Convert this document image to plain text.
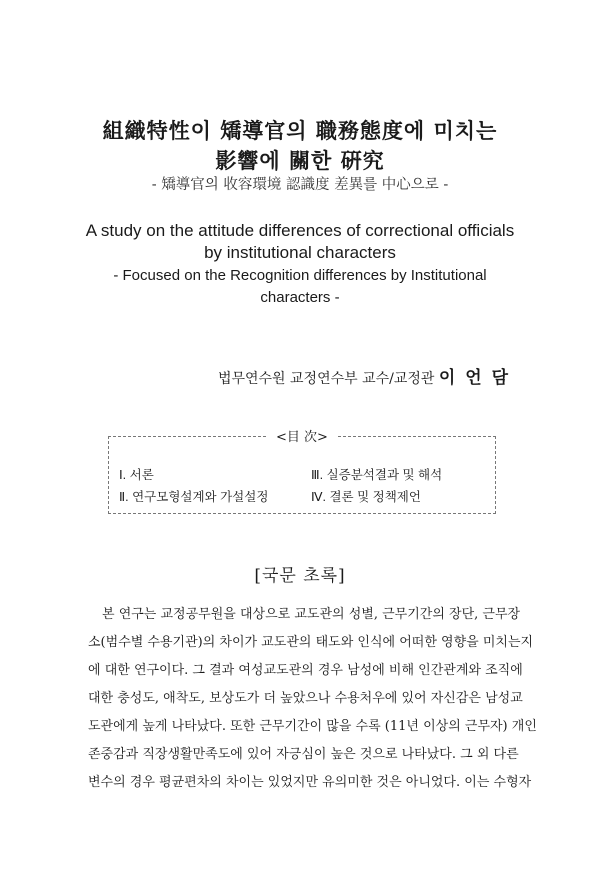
組織特性이 矯導官의 職務態度에 미치는
影響에 關한 硏究
- 矯導官의 收容環境 認識度 差異를 中心으로 -
A study on the attitude differences of correctional officials
by institutional characters
- Focused on the Recognition differences by Institutional
characters -
법무연수원 교정연수부 교수/교정관 이 언 담
<目 次>
Ⅰ. 서론
Ⅱ. 연구모형설계와 가설설정
Ⅲ. 실증분석결과 및 해석
Ⅳ. 결론 및 정책제언
[국문 초록]
본 연구는 교정공무원을 대상으로 교도관의 성별, 근무기간의 장단, 근무장
소(범수별 수용기관)의 차이가 교도관의 태도와 인식에 어떠한 영향을 미치는지
에 대한 연구이다. 그 결과 여성교도관의 경우 남성에 비해 인간관계와 조직에
대한 충성도, 애착도, 보상도가 더 높았으나 수용처우에 있어 자신감은 남성교
도관에게 높게 나타났다. 또한 근무기간이 많을 수록 (11년 이상의 근무자) 개인
존중감과 직장생활만족도에 있어 자긍심이 높은 것으로 나타났다. 그 외 다른
변수의 경우 평균편차의 차이는 있었지만 유의미한 것은 아니었다. 이는 수형자
